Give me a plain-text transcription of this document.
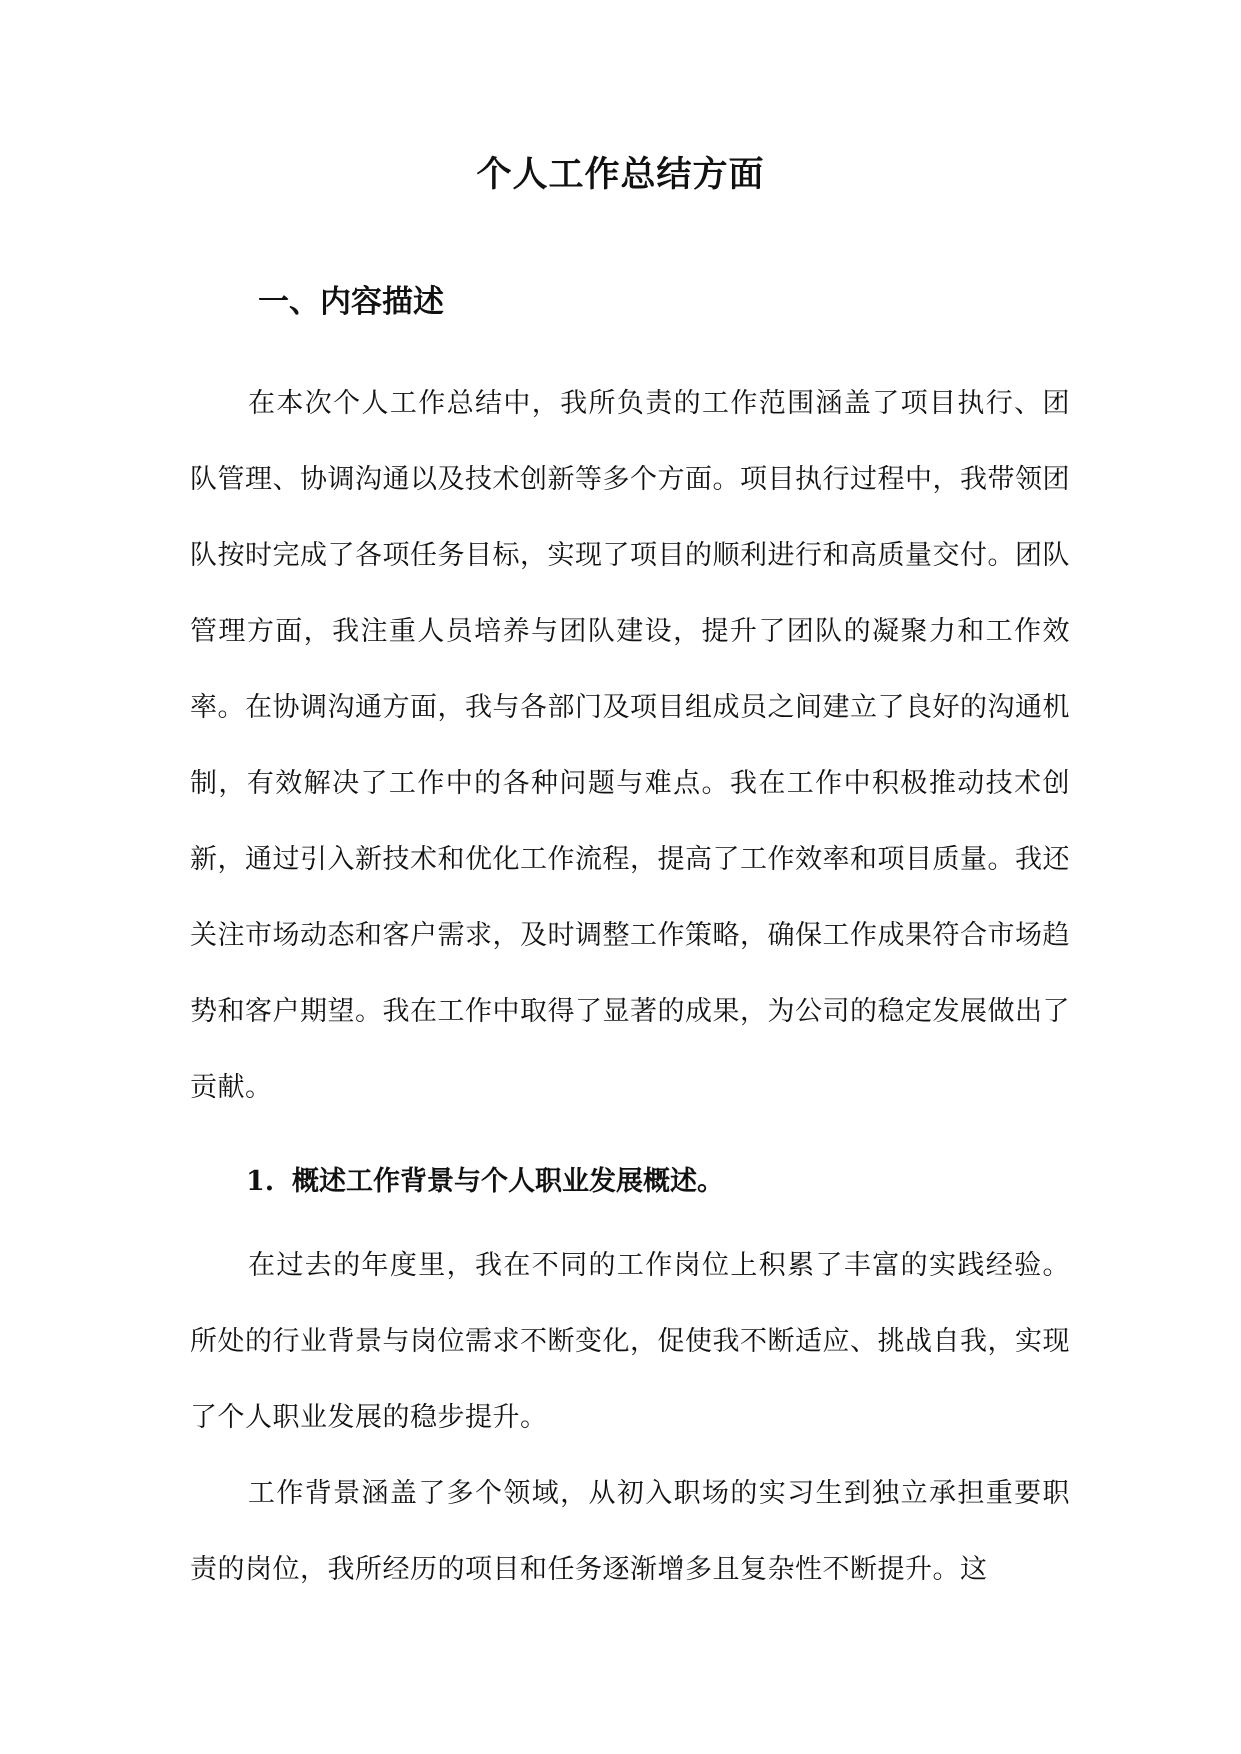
个人工作总结方面
一、内容描述

在本次个人工作总结中，我所负责的工作范围涵盖了项目执行、团队管理、协调沟通以及技术创新等多个方面。项目执行过程中，我带领团队按时完成了各项任务目标，实现了项目的顺利进行和高质量交付。团队管理方面，我注重人员培养与团队建设，提升了团队的凝聚力和工作效率。在协调沟通方面，我与各部门及项目组成员之间建立了良好的沟通机制，有效解决了工作中的各种问题与难点。我在工作中积极推动技术创新，通过引入新技术和优化工作流程，提高了工作效率和项目质量。我还关注市场动态和客户需求，及时调整工作策略，确保工作成果符合市场趋势和客户期望。我在工作中取得了显著的成果，为公司的稳定发展做出了贡献。

1. 概述工作背景与个人职业发展概述。

在过去的年度里，我在不同的工作岗位上积累了丰富的实践经验。所处的行业背景与岗位需求不断变化，促使我不断适应、挑战自我，实现了个人职业发展的稳步提升。

工作背景涵盖了多个领域，从初入职场的实习生到独立承担重要职责的岗位，我所经历的项目和任务逐渐增多且复杂性不断提升。这
